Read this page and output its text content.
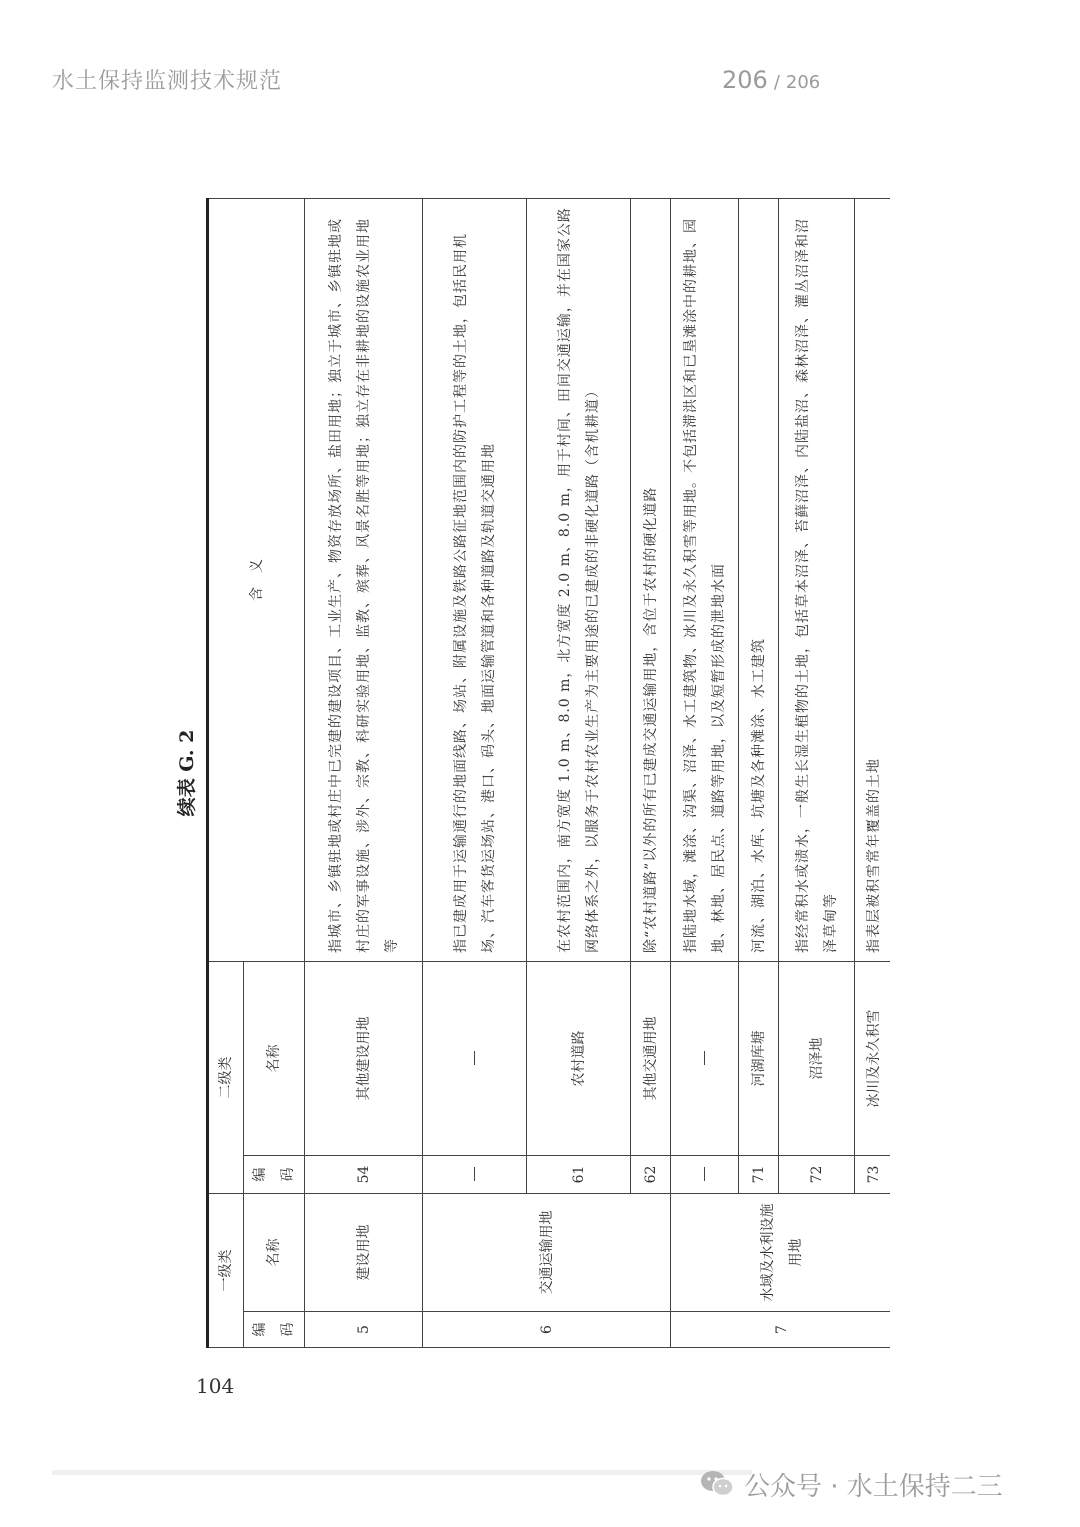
水土保持监测技术规范	206 / 206
续表 G. 2
一级类		二级类		含　义
编码	名称	编码	名称	
5	建设用地	54	其他建设用地	指城市、乡镇驻地或村庄中已完建的建设项目、工业生产、物资存放场所、盐田用地；独立于城市、乡镇驻地或村庄的军事设施、涉外、宗教、科研实验用地、监教、殡葬、风景名胜等用地；独立存在非耕地的设施农业用地等
6	交通运输用地			指已建成用于运输通行的地面线路、场站、附属设施及铁路公路征地范围内的防护工程等的土地，包括民用机场、汽车客货运场站、港口、码头、地面运输管道和各种道路及轨道交通用地
		61	农村道路	在农村范围内，南方宽度 1.0 m、8.0 m，北方宽度 2.0 m、8.0 m，用于村间、田间交通运输，并在国家公路网络体系之外，以服务于农村农业生产为主要用途的已建成的非硬化道路（含机耕道）
		62	其他交通用地	除“农村道路”以外的所有已建成交通运输用地，含位于农村的硬化道路
7	水域及水利设施用地			指陆地水域，滩涂、沟渠、沼泽、水工建筑物、冰川及永久积雪等用地。不包括滞洪区和已垦滩涂中的耕地、园地、林地、居民点、道路等用地，以及短暂形成的泄地水面
		71	河湖库塘	河流、湖泊、水库、坑塘及各种滩涂、水工建筑
		72	沼泽地	指经常积水或渍水，一般生长湿生植物的土地，包括草本沼泽、苔藓沼泽、内陆盐沼、森林沼泽、灌丛沼泽和沼泽草甸等
		73	冰川及永久积雪	指表层被积雪常年覆盖的土地
104
公众号 · 水土保持二三
